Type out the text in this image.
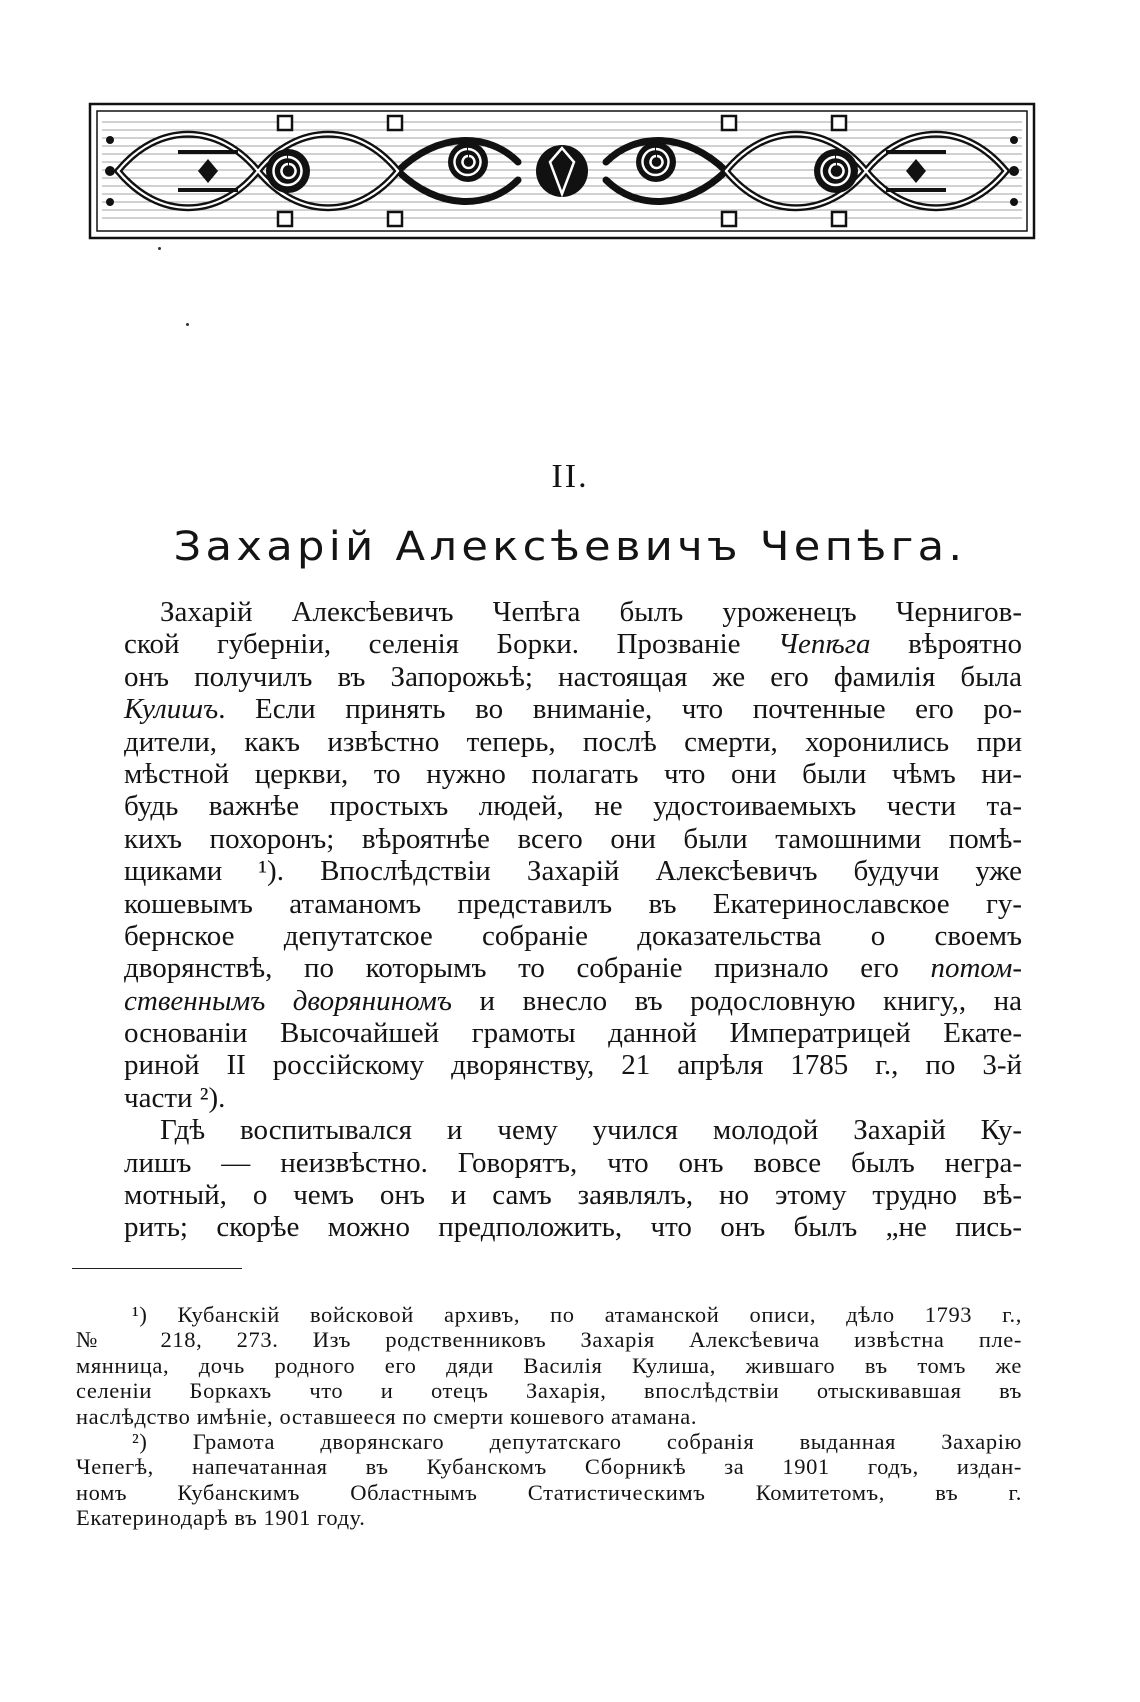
II.
Захарій Алексѣевичъ Чепѣга.
Захарій Алексѣевичъ Чепѣга былъ уроженецъ Чернигов-
ской губерніи, селенія Борки. Прозваніе Чепѣга вѣроятно
онъ получилъ въ Запорожьѣ; настоящая же его фамилія была
Кулишъ. Если принять во вниманіе, что почтенные его ро-
дители, какъ извѣстно теперь, послѣ смерти, хоронились при
мѣстной церкви, то нужно полагать что они были чѣмъ ни-
будь важнѣе простыхъ людей, не удостоиваемыхъ чести та-
кихъ похоронъ; вѣроятнѣе всего они были тамошними помѣ-
щиками ¹). Впослѣдствіи Захарій Алексѣевичъ будучи уже
кошевымъ атаманомъ представилъ въ Екатеринославское гу-
бернское депутатское собраніе доказательства о своемъ
дворянствѣ, по которымъ то собраніе признало его потом-
ственнымъ дворяниномъ и внесло въ родословную книгу,, на
основаніи Высочайшей грамоты данной Императрицей Екате-
риной II россійскому дворянству, 21 апрѣля 1785 г., по 3-й
части ²).
Гдѣ воспитывался и чему учился молодой Захарій Ку-
лишъ — неизвѣстно. Говорятъ, что онъ вовсе былъ негра-
мотный, о чемъ онъ и самъ заявлялъ, но этому трудно вѣ-
рить; скорѣе можно предположить, что онъ былъ „не пись-
¹) Кубанскій войсковой архивъ, по атаманской описи, дѣло 1793 г.,
№ 218, 273. Изъ родственниковъ Захарія Алексѣевича извѣстна пле-
мянница, дочь родного его дяди Василія Кулиша, жившаго въ томъ же
селеніи Боркахъ что и отецъ Захарія, впослѣдствіи отыскивавшая въ
наслѣдство имѣніе, оставшееся по смерти кошевого атамана.
²) Грамота дворянскаго депутатскаго собранія выданная Захарію
Чепегѣ, напечатанная въ Кубанскомъ Сборникѣ за 1901 годъ, издан-
номъ Кубанскимъ Областнымъ Статистическимъ Комитетомъ, въ г.
Екатеринодарѣ въ 1901 году.
